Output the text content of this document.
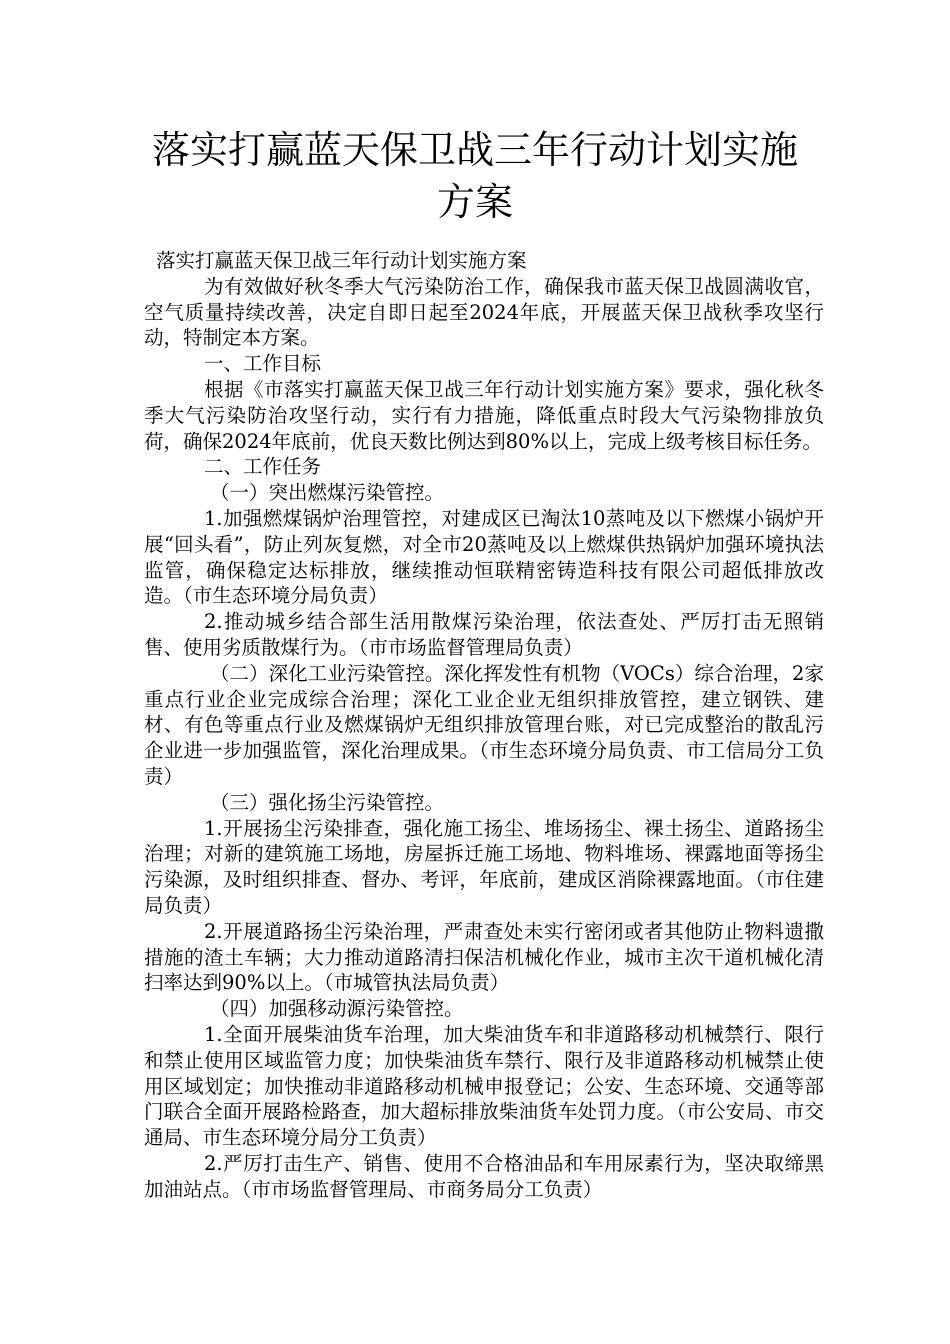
落实打赢蓝天保卫战三年行动计划实施方案

落实打赢蓝天保卫战三年行动计划实施方案

为有效做好秋冬季大气污染防治工作，确保我市蓝天保卫战圆满收官，空气质量持续改善，决定自即日起至2024年底，开展蓝天保卫战秋季攻坚行动，特制定本方案。

一、工作目标

根据《市落实打赢蓝天保卫战三年行动计划实施方案》要求，强化秋冬季大气污染防治攻坚行动，实行有力措施，降低重点时段大气污染物排放负荷，确保2024年底前，优良天数比例达到80%以上，完成上级考核目标任务。

二、工作任务

（一）突出燃煤污染管控。

1.加强燃煤锅炉治理管控，对建成区已淘汰10蒸吨及以下燃煤小锅炉开展“回头看”，防止列灰复燃，对全市20蒸吨及以上燃煤供热锅炉加强环境执法监管，确保稳定达标排放，继续推动恒联精密铸造科技有限公司超低排放改造。（市生态环境分局负责）

2.推动城乡结合部生活用散煤污染治理，依法查处、严厉打击无照销售、使用劣质散煤行为。（市市场监督管理局负责）

（二）深化工业污染管控。深化挥发性有机物（VOCs）综合治理，2家重点行业企业完成综合治理；深化工业企业无组织排放管控，建立钢铁、建材、有色等重点行业及燃煤锅炉无组织排放管理台账，对已完成整治的散乱污企业进一步加强监管，深化治理成果。（市生态环境分局负责、市工信局分工负责）

（三）强化扬尘污染管控。

1.开展扬尘污染排查，强化施工扬尘、堆场扬尘、裸土扬尘、道路扬尘治理；对新的建筑施工场地，房屋拆迁施工场地、物料堆场、裸露地面等扬尘污染源，及时组织排查、督办、考评，年底前，建成区消除裸露地面。（市住建局负责）

2.开展道路扬尘污染治理，严肃查处未实行密闭或者其他防止物料遗撒措施的渣土车辆；大力推动道路清扫保洁机械化作业，城市主次干道机械化清扫率达到90%以上。（市城管执法局负责）

（四）加强移动源污染管控。

1.全面开展柴油货车治理，加大柴油货车和非道路移动机械禁行、限行和禁止使用区域监管力度；加快柴油货车禁行、限行及非道路移动机械禁止使用区域划定；加快推动非道路移动机械申报登记；公安、生态环境、交通等部门联合全面开展路检路查，加大超标排放柴油货车处罚力度。（市公安局、市交通局、市生态环境分局分工负责）

2.严厉打击生产、销售、使用不合格油品和车用尿素行为，坚决取缔黑加油站点。（市市场监督管理局、市商务局分工负责）
